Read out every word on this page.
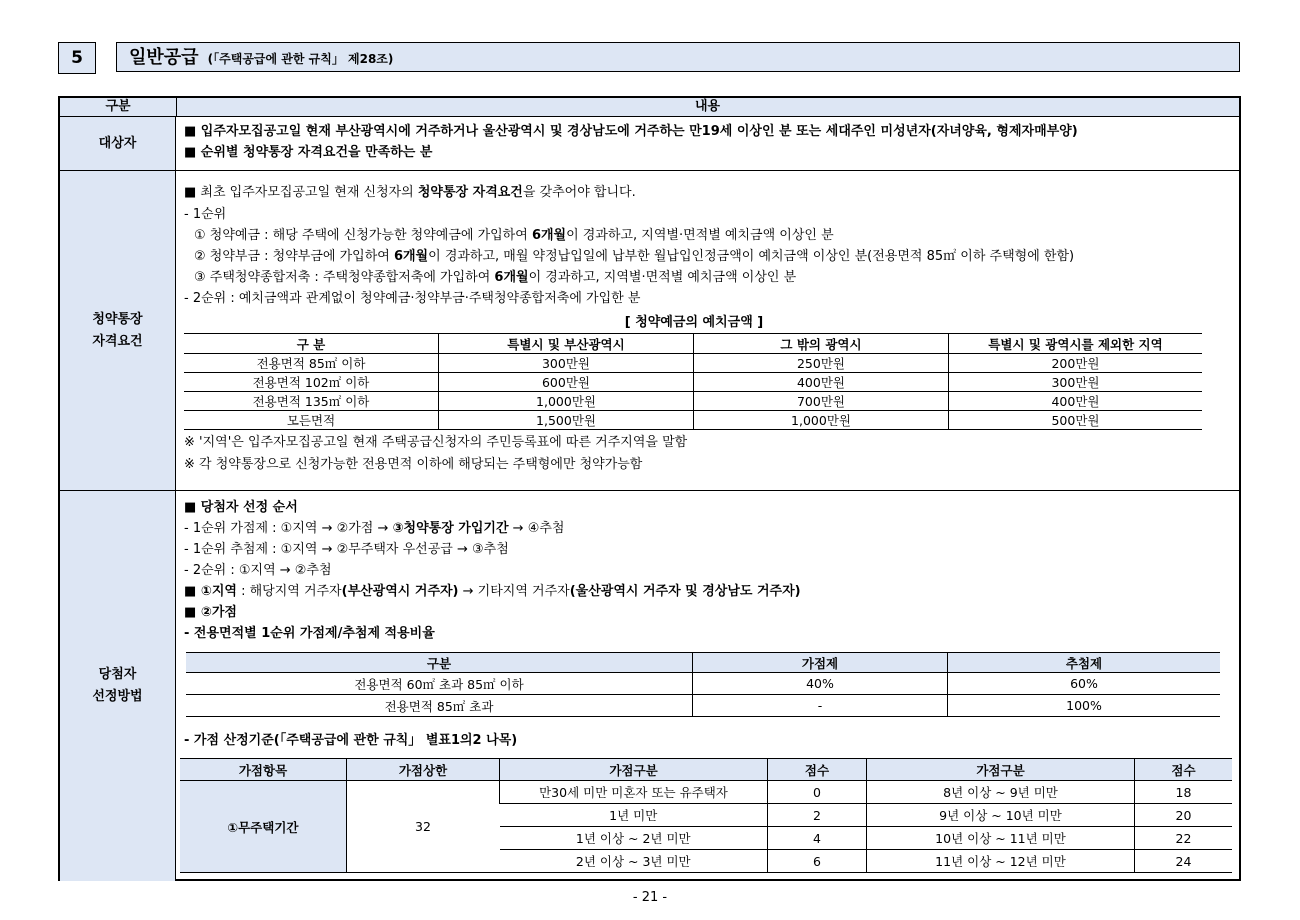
5	일반공급 (「주택공급에 관한 규칙」 제28조)
구분	내용
대상자
■ 입주자모집공고일 현재 부산광역시에 거주하거나 울산광역시 및 경상남도에 거주하는 만19세 이상인 분 또는 세대주인 미성년자(자녀양육, 형제자매부양)
■ 순위별 청약통장 자격요건을 만족하는 분
청약통장
자격요건
■ 최초 입주자모집공고일 현재 신청자의 청약통장 자격요건을 갖추어야 합니다.
- 1순위
① 청약예금 : 해당 주택에 신청가능한 청약예금에 가입하여 6개월이 경과하고, 지역별·면적별 예치금액 이상인 분
② 청약부금 : 청약부금에 가입하여 6개월이 경과하고, 매월 약정납입일에 납부한 월납입인정금액이 예치금액 이상인 분(전용면적 85㎡ 이하 주택형에 한함)
③ 주택청약종합저축 : 주택청약종합저축에 가입하여 6개월이 경과하고, 지역별·면적별 예치금액 이상인 분
- 2순위 : 예치금액과 관계없이 청약예금·청약부금·주택청약종합저축에 가입한 분
[ 청약예금의 예치금액 ]
구 분	특별시 및 부산광역시	그 밖의 광역시	특별시 및 광역시를 제외한 지역
전용면적 85㎡ 이하	300만원	250만원	200만원
전용면적 102㎡ 이하	600만원	400만원	300만원
전용면적 135㎡ 이하	1,000만원	700만원	400만원
모든면적	1,500만원	1,000만원	500만원
※ '지역'은 입주자모집공고일 현재 주택공급신청자의 주민등록표에 따른 거주지역을 말함
※ 각 청약통장으로 신청가능한 전용면적 이하에 해당되는 주택형에만 청약가능함
당첨자
선정방법
■ 당첨자 선정 순서
- 1순위 가점제 : ①지역 → ②가점 → ③청약통장 가입기간 → ④추첨
- 1순위 추첨제 : ①지역 → ②무주택자 우선공급 → ③추첨
- 2순위 : ①지역 → ②추첨
■ ①지역 : 해당지역 거주자(부산광역시 거주자) → 기타지역 거주자(울산광역시 거주자 및 경상남도 거주자)
■ ②가점
- 전용면적별 1순위 가점제/추첨제 적용비율
구분	가점제	추첨제
전용면적 60㎡ 초과 85㎡ 이하	40%	60%
전용면적 85㎡ 초과	-	100%
- 가점 산정기준(「주택공급에 관한 규칙」 별표1의2 나목)
가점항목	가점상한	가점구분	점수	가점구분	점수
①무주택기간	32	만30세 미만 미혼자 또는 유주택자	0	8년 이상 ~ 9년 미만	18
		1년 미만	2	9년 이상 ~ 10년 미만	20
		1년 이상 ~ 2년 미만	4	10년 이상 ~ 11년 미만	22
		2년 이상 ~ 3년 미만	6	11년 이상 ~ 12년 미만	24
- 21 -
